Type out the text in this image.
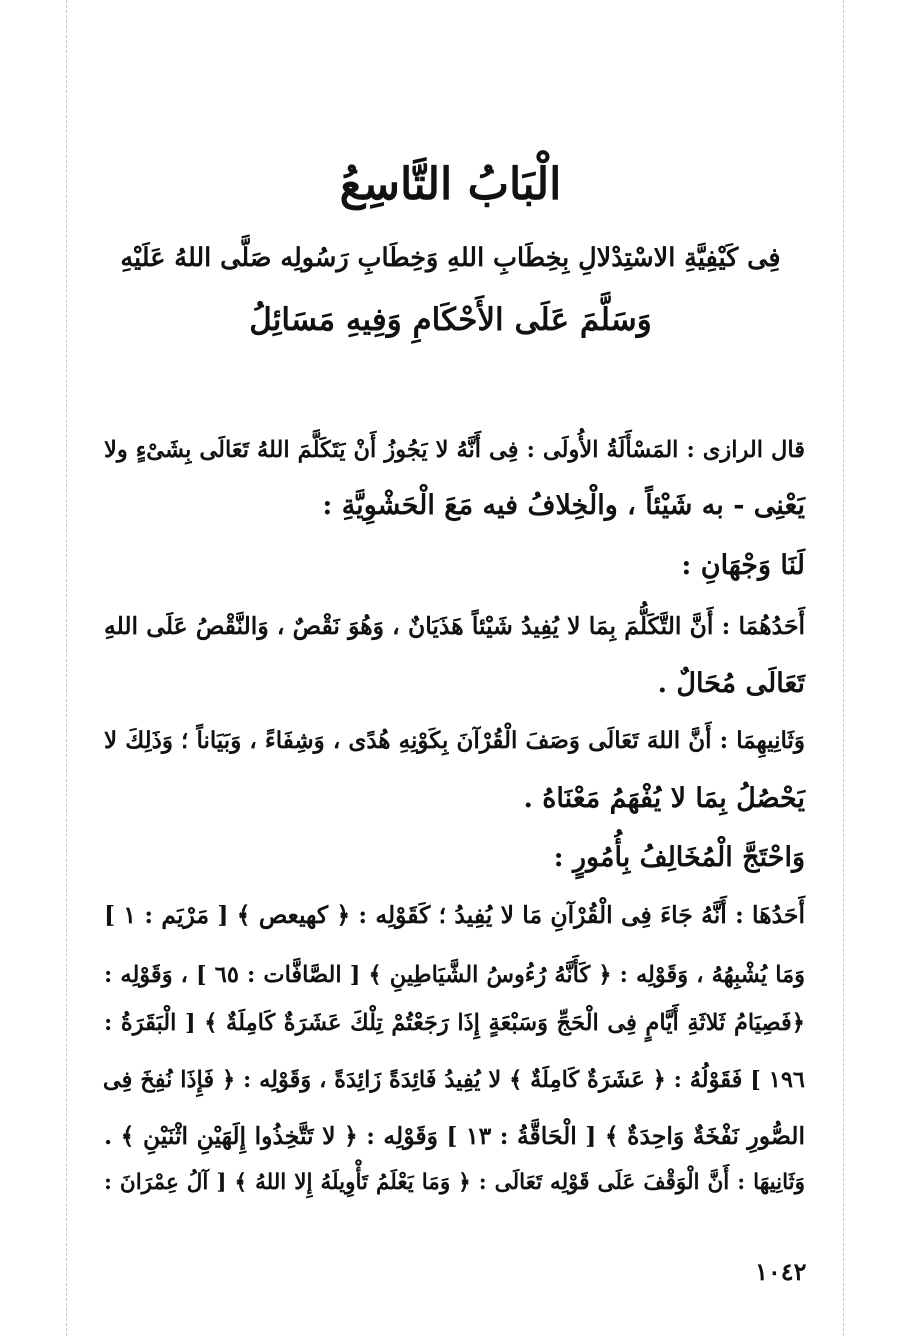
الْبَابُ التَّاسِعُ

فِى كَيْفِيَّةِ الاسْتِدْلالِ بِخِطَابِ اللهِ وَخِطَابِ رَسُولِه صَلَّى اللهُ عَلَيْهِ

وَسَلَّمَ عَلَى الأَحْكَامِ وَفِيهِ مَسَائِلُ

قال الرازى : المَسْأَلَةُ الأُولَى : فِى أَنَّهُ لا يَجُوزُ أَنْ يَتَكَلَّمَ اللهُ تَعَالَى بِشَىْءٍ ولا

يَعْنِى - به شَيْئاً ، والْخِلافُ فيه مَعَ الْحَشْوِيَّةِ :

لَنَا وَجْهَانِ :

أَحَدُهُمَا : أَنَّ التَّكَلُّمَ بِمَا لا يُفِيدُ شَيْئاً هَذَيَانٌ ، وَهُوَ نَقْصٌ ، وَالنَّقْصُ عَلَى اللهِ

تَعَالَى مُحَالٌ .

وَثَانِيهِمَا : أَنَّ اللهَ تَعَالَى وَصَفَ الْقُرْآنَ بِكَوْنِهِ هُدًى ، وَشِفَاءً ، وَبَيَاناً ؛ وَذَلِكَ لا

يَحْصُلُ بِمَا لا يُفْهَمُ مَعْنَاهُ .

وَاحْتَجَّ الْمُخَالِفُ بِأُمُورٍ :

أَحَدُهَا : أَنَّهُ جَاءَ فِى الْقُرْآنِ مَا لا يُفِيدُ ؛ كَقَوْلِه : ﴿ كهيعص ﴾ [ مَرْيَم : ١ ]

وَمَا يُشْبِهُهُ ، وَقَوْلِه : ﴿ كَأَنَّهُ رُءُوسُ الشَّيَاطِينِ ﴾ [ الصَّافَّات : ٦٥ ] ، وَقَوْلِه :

﴿فَصِيَامُ ثَلاثَةِ أَيَّامٍ فِى الْحَجِّ وَسَبْعَةٍ إِذَا رَجَعْتُمْ تِلْكَ عَشَرَةٌ كَامِلَةٌ ﴾ [ الْبَقَرَةُ :

١٩٦ ] فَقَوْلُهُ : ﴿ عَشَرَةٌ كَامِلَةٌ ﴾ لا يُفِيدُ فَائِدَةً زَائِدَةً ، وَقَوْلِه : ﴿ فَإِذَا نُفِخَ فِى

الصُّورِ نَفْخَةٌ وَاحِدَةٌ ﴾ [ الْحَاقَّةُ : ١٣ ] وَقَوْلِه : ﴿ لا تَتَّخِذُوا إِلَهَيْنِ اثْنَيْنِ ﴾ .

وَثَانِيهَا : أَنَّ الْوَقْفَ عَلَى قَوْلِه تَعَالَى : ﴿ وَمَا يَعْلَمُ تَأْوِيلَهُ إِلا اللهُ ﴾ [ آلُ عِمْرَانَ :

١٠٤٢
